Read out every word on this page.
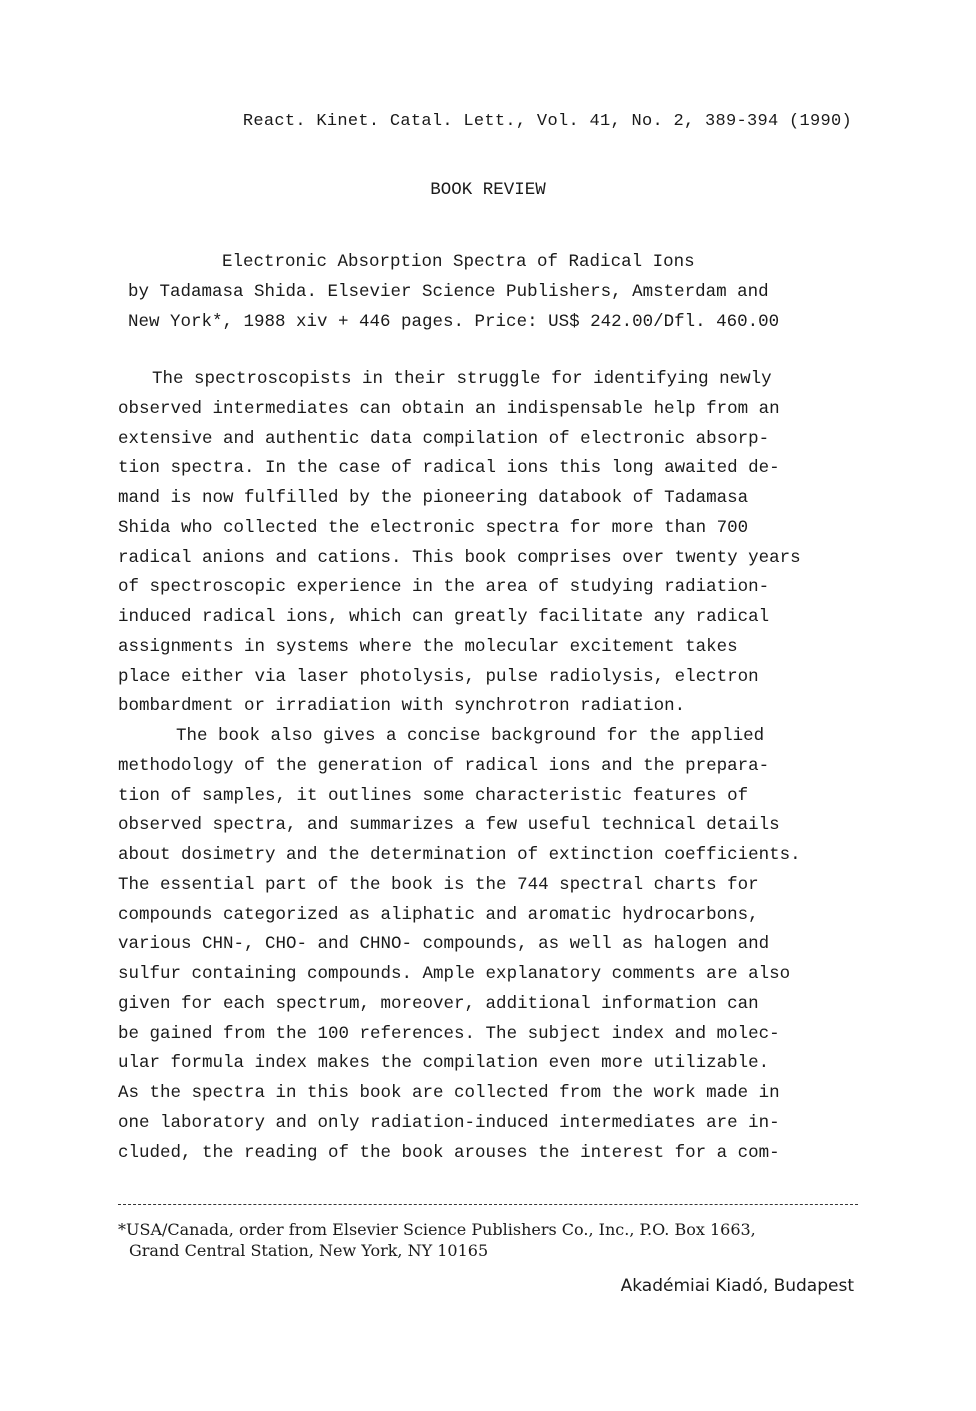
React. Kinet. Catal. Lett., Vol. 41, No. 2, 389-394 (1990)
BOOK REVIEW
Electronic Absorption Spectra of Radical Ions
by Tadamasa Shida. Elsevier Science Publishers, Amsterdam and
New York*, 1988 xiv + 446 pages. Price: US$ 242.00/Dfl. 460.00
The spectroscopists in their struggle for identifying newly
observed intermediates can obtain an indispensable help from an
extensive and authentic data compilation of electronic absorp-
tion spectra. In the case of radical ions this long awaited de-
mand is now fulfilled by the pioneering databook of Tadamasa
Shida who collected the electronic spectra for more than 700
radical anions and cations. This book comprises over twenty years
of spectroscopic experience in the area of studying radiation-
induced radical ions, which can greatly facilitate any radical
assignments in systems where the molecular excitement takes
place either via laser photolysis, pulse radiolysis, electron
bombardment or irradiation with synchrotron radiation.
The book also gives a concise background for the applied
methodology of the generation of radical ions and the prepara-
tion of samples, it outlines some characteristic features of
observed spectra, and summarizes a few useful technical details
about dosimetry and the determination of extinction coefficients.
The essential part of the book is the 744 spectral charts for
compounds categorized as aliphatic and aromatic hydrocarbons,
various CHN-, CHO- and CHNO- compounds, as well as halogen and
sulfur containing compounds. Ample explanatory comments are also
given for each spectrum, moreover, additional information can
be gained from the 100 references. The subject index and molec-
ular formula index makes the compilation even more utilizable.
As the spectra in this book are collected from the work made in
one laboratory and only radiation-induced intermediates are in-
cluded, the reading of the book arouses the interest for a com-
*USA/Canada, order from Elsevier Science Publishers Co., Inc., P.O. Box 1663,
Grand Central Station, New York, NY 10165
Akadémiai Kiadó, Budapest
